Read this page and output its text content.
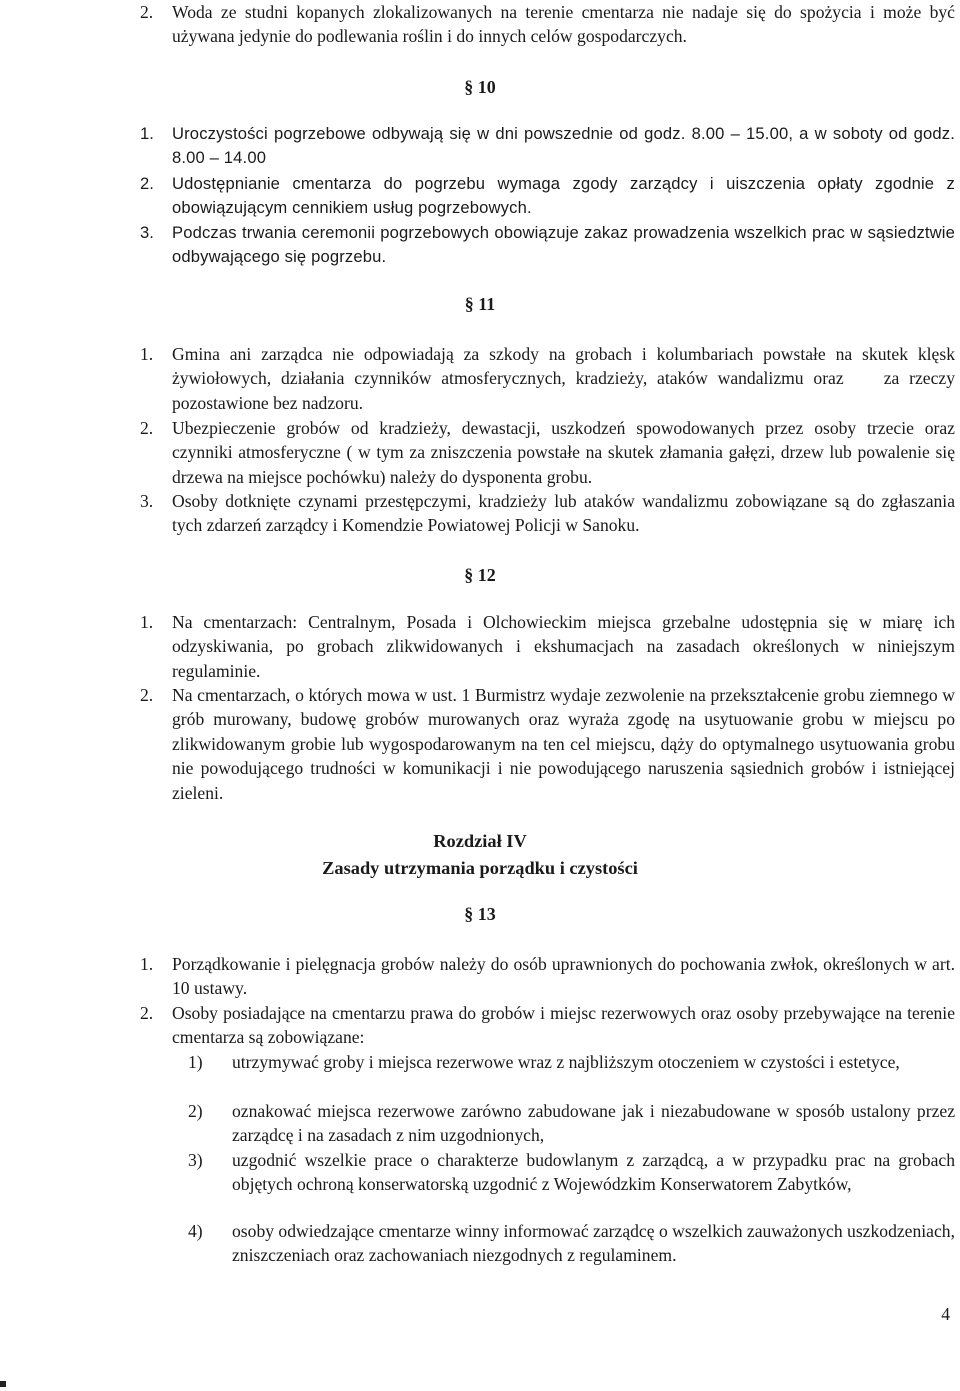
2.	Woda ze studni kopanych zlokalizowanych na terenie cmentarza nie nadaje się do spożycia i może być używana jedynie do podlewania roślin i do innych celów gospodarczych.
§ 10
1.	Uroczystości pogrzebowe odbywają się w dni powszednie od godz. 8.00 – 15.00, a w soboty od godz. 8.00 – 14.00
2.	Udostępnianie cmentarza do pogrzebu wymaga zgody zarządcy i uiszczenia opłaty zgodnie z obowiązującym cennikiem usług pogrzebowych.
3.	Podczas trwania ceremonii pogrzebowych obowiązuje zakaz prowadzenia wszelkich prac w sąsiedztwie odbywającego się pogrzebu.
§ 11
1.	Gmina ani zarządca nie odpowiadają za szkody na grobach i kolumbariach powstałe na skutek klęsk żywiołowych, działania czynników atmosferycznych, kradzieży, ataków wandalizmu oraz za rzeczy pozostawione bez nadzoru.
2.	Ubezpieczenie grobów od kradzieży, dewastacji, uszkodzeń spowodowanych przez osoby trzecie oraz czynniki atmosferyczne ( w tym za zniszczenia powstałe na skutek złamania gałęzi, drzew lub powalenie się drzewa na miejsce pochówku) należy do dysponenta grobu.
3.	Osoby dotknięte czynami przestępczymi, kradzieży lub ataków wandalizmu zobowiązane są do zgłaszania tych zdarzeń zarządcy i Komendzie Powiatowej Policji w Sanoku.
§ 12
1.	Na cmentarzach: Centralnym, Posada i Olchowieckim miejsca grzebalne udostępnia się w miarę ich odzyskiwania, po grobach zlikwidowanych i ekshumacjach na zasadach określonych w niniejszym regulaminie.
2.	Na cmentarzach, o których mowa w ust. 1 Burmistrz wydaje zezwolenie na przekształcenie grobu ziemnego w grób murowany, budowę grobów murowanych oraz wyraża zgodę na usytuowanie grobu w miejscu po zlikwidowanym grobie lub wygospodarowanym na ten cel miejscu, dąży do optymalnego usytuowania grobu nie powodującego trudności w komunikacji i nie powodującego naruszenia sąsiednich grobów i istniejącej zieleni.
Rozdział IV
Zasady utrzymania porządku i czystości
§ 13
1.	Porządkowanie i pielęgnacja grobów należy do osób uprawnionych do pochowania zwłok, określonych w art. 10 ustawy.
2.	Osoby posiadające na cmentarzu prawa do grobów i miejsc rezerwowych oraz osoby przebywające na terenie cmentarza są zobowiązane:
1)	utrzymywać groby i miejsca rezerwowe wraz z najbliższym otoczeniem w czystości i estetyce,
2)	oznakować miejsca rezerwowe zarówno zabudowane jak i niezabudowane w sposób ustalony przez zarządcę i na zasadach z nim uzgodnionych,
3)	uzgodnić wszelkie prace o charakterze budowlanym z zarządcą, a w przypadku prac na grobach objętych ochroną konserwatorską uzgodnić z Wojewódzkim Konserwatorem Zabytków,
4)	osoby odwiedzające cmentarze winny informować zarządcę o wszelkich zauważonych uszkodzeniach, zniszczeniach oraz zachowaniach niezgodnych z regulaminem.
4
